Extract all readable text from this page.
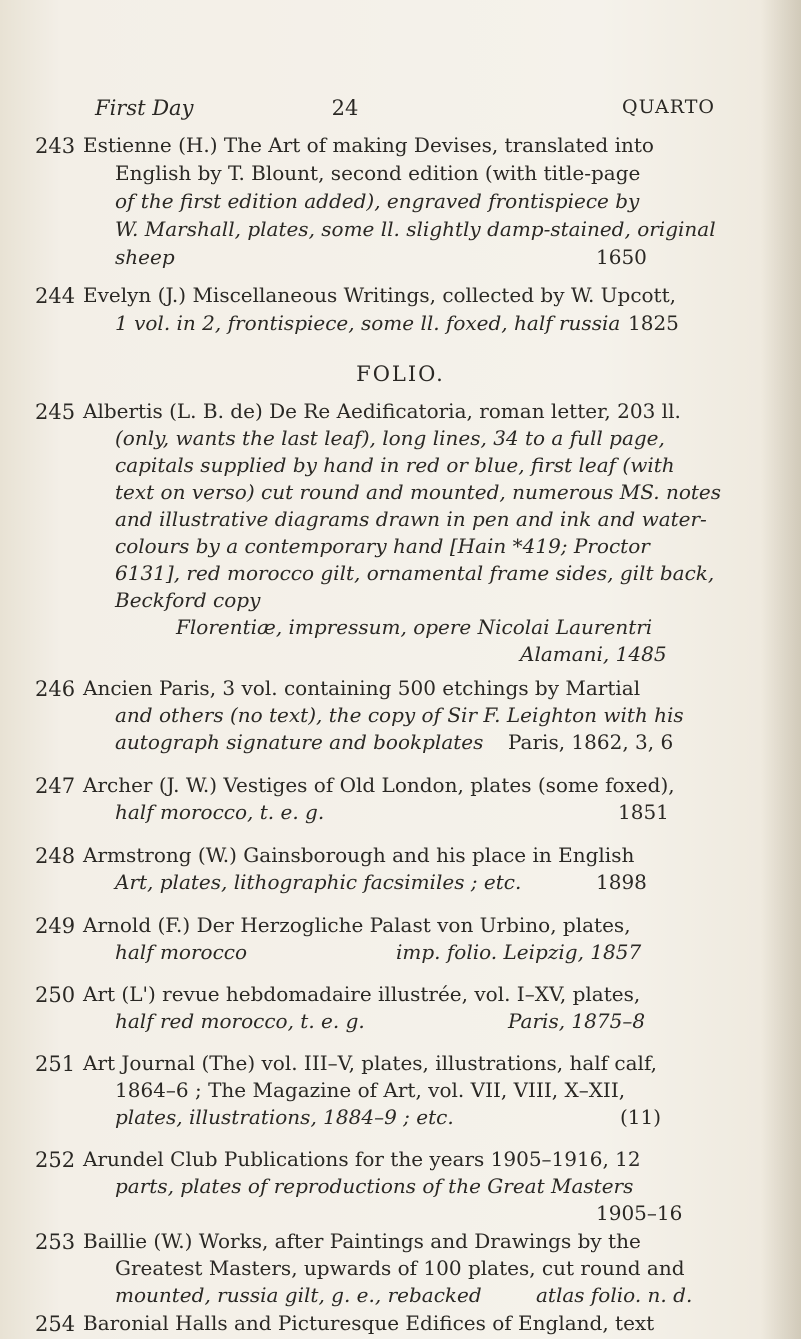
First Day	24	QUARTO
243 Estienne (H.) The Art of making Devises, translated into
English by T. Blount, second edition (with title-page
of the first edition added), engraved frontispiece by
W. Marshall, plates, some ll. slightly damp-stained, original
sheep	1650
244 Evelyn (J.) Miscellaneous Writings, collected by W. Upcott,
1 vol. in 2, frontispiece, some ll. foxed, half russia 1825
FOLIO.
245 Albertis (L. B. de) De Re Aedificatoria, roman letter, 203 ll.
(only, wants the last leaf), long lines, 34 to a full page,
capitals supplied by hand in red or blue, first leaf (with
text on verso) cut round and mounted, numerous MS. notes
and illustrative diagrams drawn in pen and ink and water-
colours by a contemporary hand [Hain *419; Proctor
6131], red morocco gilt, ornamental frame sides, gilt back,
Beckford copy
Florentiæ, impressum, opere Nicolai Laurentri
Alamani, 1485
246 Ancien Paris, 3 vol. containing 500 etchings by Martial
and others (no text), the copy of Sir F. Leighton with his
autograph signature and bookplates Paris, 1862, 3, 6
247 Archer (J. W.) Vestiges of Old London, plates (some foxed),
half morocco, t. e. g.	1851
248 Armstrong (W.) Gainsborough and his place in English
Art, plates, lithographic facsimiles ; etc.	1898
249 Arnold (F.) Der Herzogliche Palast von Urbino, plates,
half morocco	imp. folio. Leipzig, 1857
250 Art (L') revue hebdomadaire illustrée, vol. I–XV, plates,
half red morocco, t. e. g.	Paris, 1875–8
251 Art Journal (The) vol. III–V, plates, illustrations, half calf,
1864–6 ; The Magazine of Art, vol. VII, VIII, X–XII,
plates, illustrations, 1884–9 ; etc.	(11)
252 Arundel Club Publications for the years 1905–1916, 12
parts, plates of reproductions of the Great Masters
1905–16
253 Baillie (W.) Works, after Paintings and Drawings by the
Greatest Masters, upwards of 100 plates, cut round and
mounted, russia gilt, g. e., rebacked	atlas folio. n. d.
254 Baronial Halls and Picturesque Edifices of England, text
